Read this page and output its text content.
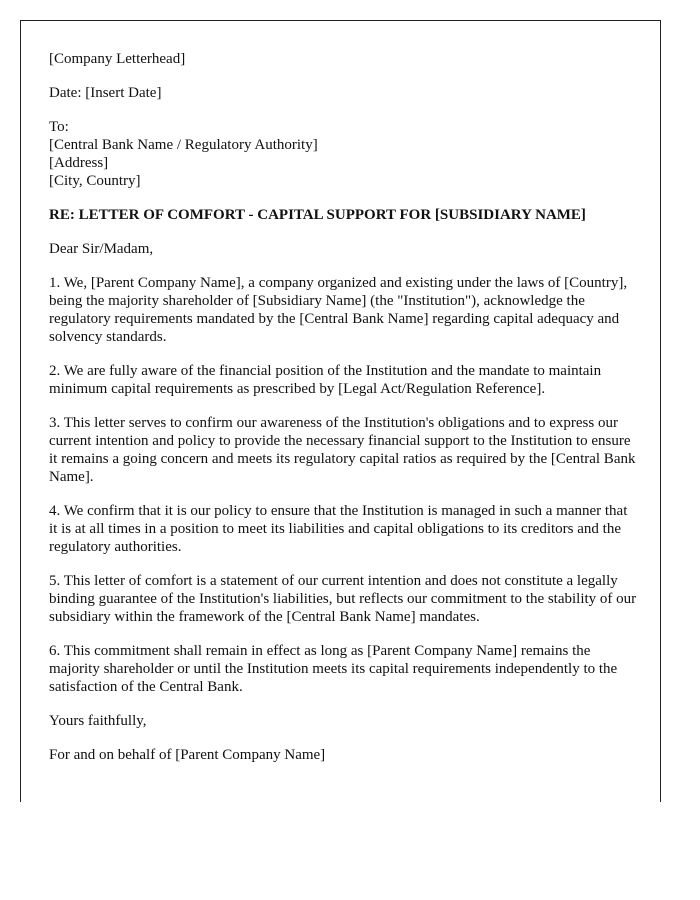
[Company Letterhead]

Date: [Insert Date]

To:

[Central Bank Name / Regulatory Authority]

[Address]

[City, Country]

RE: LETTER OF COMFORT - CAPITAL SUPPORT FOR [SUBSIDIARY NAME]

Dear Sir/Madam,

1. We, [Parent Company Name], a company organized and existing under the laws of [Country], being the majority shareholder of [Subsidiary Name] (the "Institution"), acknowledge the regulatory requirements mandated by the [Central Bank Name] regarding capital adequacy and solvency standards.

2. We are fully aware of the financial position of the Institution and the mandate to maintain minimum capital requirements as prescribed by [Legal Act/Regulation Reference].

3. This letter serves to confirm our awareness of the Institution's obligations and to express our current intention and policy to provide the necessary financial support to the Institution to ensure it remains a going concern and meets its regulatory capital ratios as required by the [Central Bank Name].

4. We confirm that it is our policy to ensure that the Institution is managed in such a manner that it is at all times in a position to meet its liabilities and capital obligations to its creditors and the regulatory authorities.

5. This letter of comfort is a statement of our current intention and does not constitute a legally binding guarantee of the Institution's liabilities, but reflects our commitment to the stability of our subsidiary within the framework of the [Central Bank Name] mandates.

6. This commitment shall remain in effect as long as [Parent Company Name] remains the majority shareholder or until the Institution meets its capital requirements independently to the satisfaction of the Central Bank.

Yours faithfully,

For and on behalf of [Parent Company Name]
